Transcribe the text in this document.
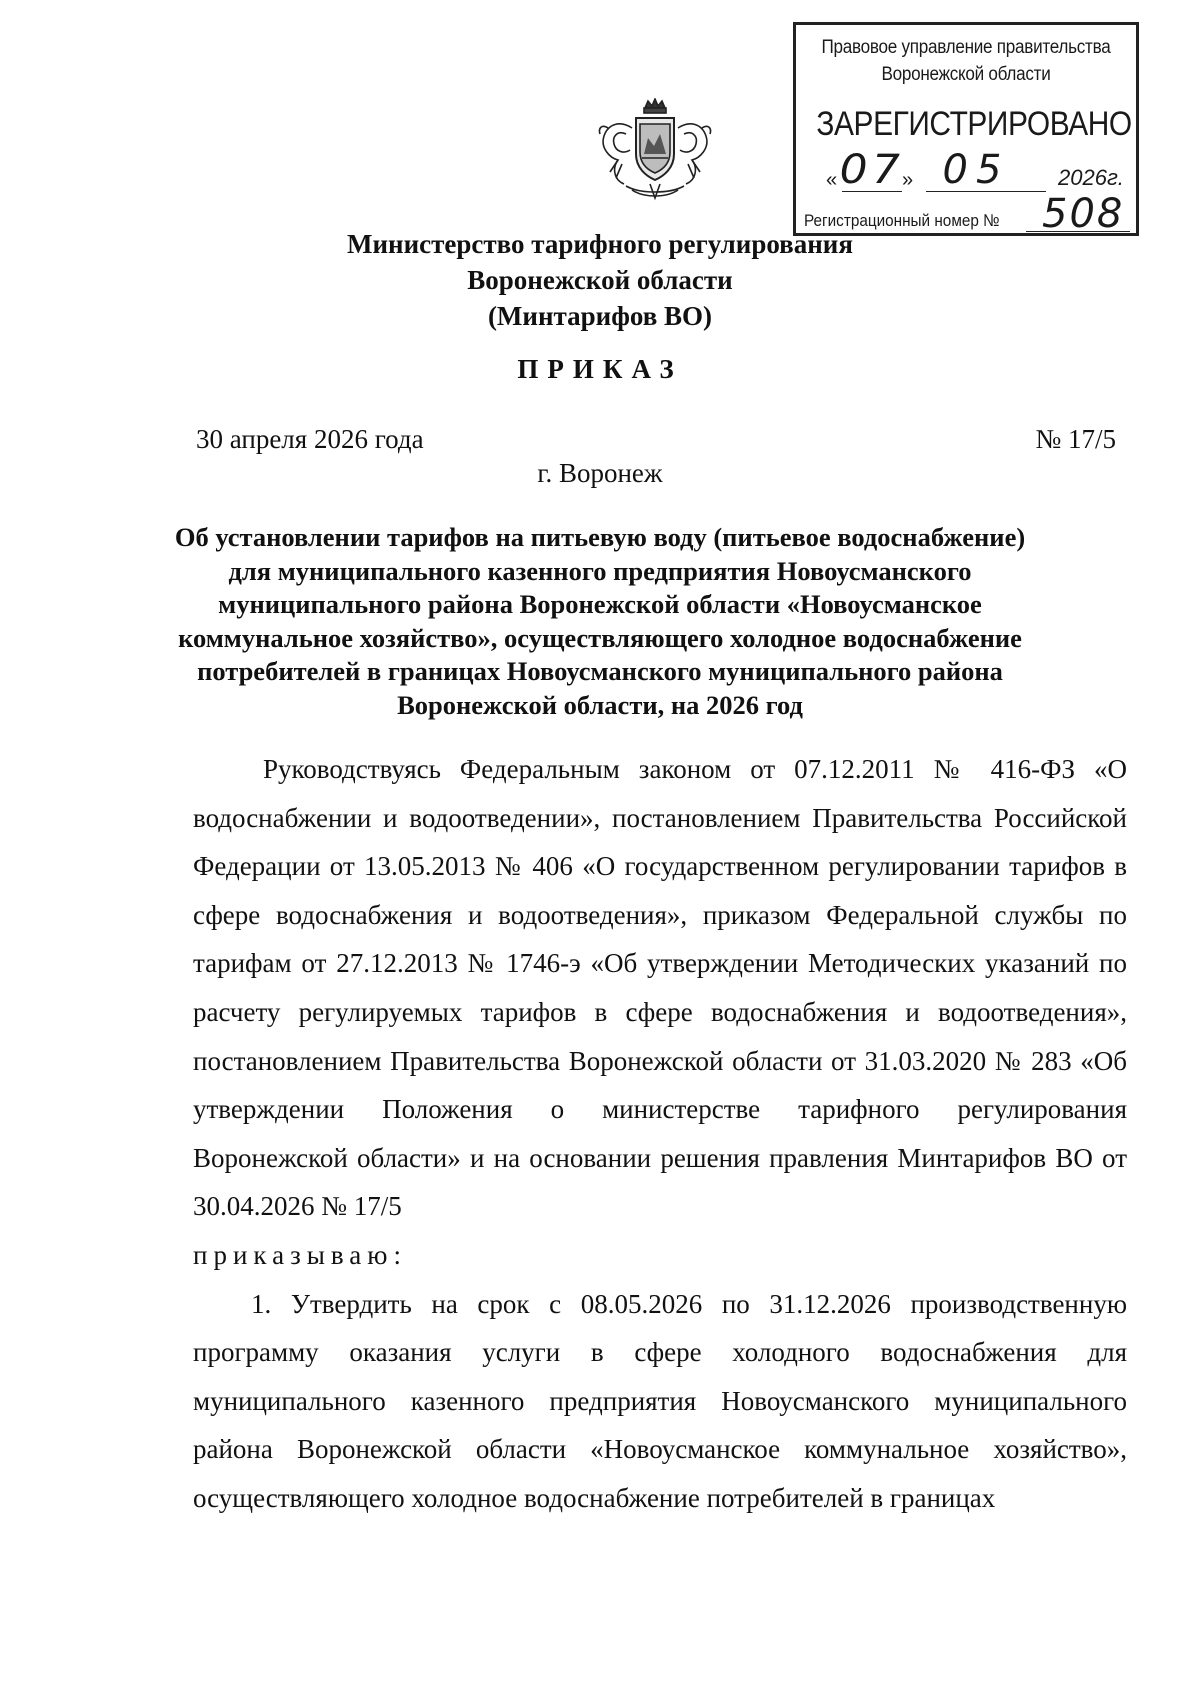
Правовое управление правительства
Воронежской области
ЗАРЕГИСТРИРОВАНО
« 07
» 05 2026г.
Регистрационный номер № 508
Министерство тарифного регулирования
Воронежской области
(Минтарифов ВО)
ПРИКАЗ
30 апреля 2026 года	№ 17/5
г. Воронеж
Об установлении тарифов на питьевую воду (питьевое водоснабжение)
для муниципального казенного предприятия Новоусманского
муниципального района Воронежской области «Новоусманское
коммунальное хозяйство», осуществляющего холодное водоснабжение
потребителей в границах Новоусманского муниципального района
Воронежской области, на 2026 год

Руководствуясь Федеральным законом от 07.12.2011 № 416-ФЗ «О водоснабжении и водоотведении», постановлением Правительства Российской Федерации от 13.05.2013 № 406 «О государственном регулировании тарифов в сфере водоснабжения и водоотведения», приказом Федеральной службы по тарифам от 27.12.2013 № 1746-э «Об утверждении Методических указаний по расчету регулируемых тарифов в сфере водоснабжения и водоотведения», постановлением Правительства Воронежской области от 31.03.2020 № 283 «Об утверждении Положения о министерстве тарифного регулирования Воронежской области» и на основании решения правления Минтарифов ВО от 30.04.2026 № 17/5

приказываю:

1. Утвердить на срок с 08.05.2026 по 31.12.2026 производственную программу оказания услуги в сфере холодного водоснабжения для муниципального казенного предприятия Новоусманского муниципального района Воронежской области «Новоусманское коммунальное хозяйство», осуществляющего холодное водоснабжение потребителей в границах
